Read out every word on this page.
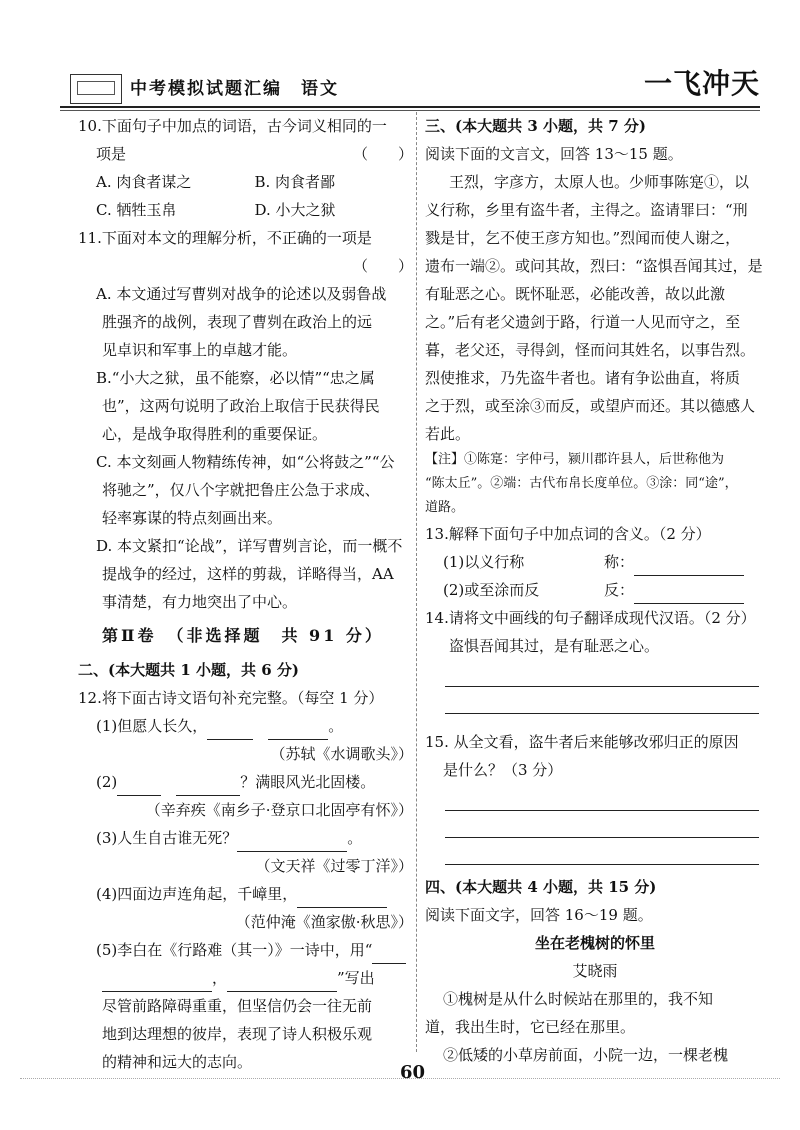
中考模拟试题汇编　语文	一飞冲天
10.下面句子中加点的词语，古今词义相同的一
项是	（　　）
A. 肉食者谋之	B. 肉食者鄙
C. 牺牲玉帛	D. 小大之狱
11.下面对本文的理解分析，不正确的一项是
（　　）
A. 本文通过写曹刿对战争的论述以及弱鲁战
胜强齐的战例，表现了曹刿在政治上的远
见卓识和军事上的卓越才能。
B.“小大之狱，虽不能察，必以情”“忠之属
也”，这两句说明了政治上取信于民获得民
心，是战争取得胜利的重要保证。
C. 本文刻画人物精练传神，如“公将鼓之”“公
将驰之”，仅八个字就把鲁庄公急于求成、
轻率寡谋的特点刻画出来。
D. 本文紧扣“论战”，详写曹刿言论，而一概不
提战争的经过，这样的剪裁，详略得当，AA
事清楚，有力地突出了中心。
第Ⅱ卷　（非选择题　共 91 分）
二、(本大题共 1 小题，共 6 分)
12.将下面古诗文语句补充完整。（每空 1 分）
(1)但愿人长久，　	。
（苏轼《水调歌头》）
(2)　	？满眼风光北固楼。
（辛弃疾《南乡子·登京口北固亭有怀》）
(3)人生自古谁无死？	。
（文天祥《过零丁洋》）
(4)四面边声连角起，千嶂里，
（范仲淹《渔家傲·秋思》）
(5)李白在《行路难（其一）》一诗中，用“
，	”写出
尽管前路障碍重重，但坚信仍会一往无前
地到达理想的彼岸，表现了诗人积极乐观
的精神和远大的志向。
三、(本大题共 3 小题，共 7 分)
阅读下面的文言文，回答 13～15 题。
王烈，字彦方，太原人也。少师事陈寔①，以
义行称，乡里有盗牛者，主得之。盗请罪曰：“刑
戮是甘，乞不使王彦方知也。”烈闻而使人谢之，
遗布一端②。或问其故，烈曰：“盗惧吾闻其过，是
有耻恶之心。既怀耻恶，必能改善，故以此激
之。”后有老父遗剑于路，行道一人见而守之，至
暮，老父还，寻得剑，怪而问其姓名，以事告烈。
烈使推求，乃先盗牛者也。诸有争讼曲直，将质
之于烈，或至涂③而反，或望庐而还。其以德感人
若此。
【注】①陈寔：字仲弓，颍川郡许县人，后世称他为
“陈太丘”。②端：古代布帛长度单位。③涂：同“途”，
道路。
13.解释下面句子中加点词的含义。（2 分）
(1)以义行称	称：
(2)或至涂而反	反：
14.请将文中画线的句子翻译成现代汉语。（2 分）
盗惧吾闻其过，是有耻恶之心。
15. 从全文看，盗牛者后来能够改邪归正的原因
是什么？（3 分）
四、(本大题共 4 小题，共 15 分)
阅读下面文字，回答 16～19 题。
坐在老槐树的怀里
艾晓雨
①槐树是从什么时候站在那里的，我不知
道，我出生时，它已经在那里。
②低矮的小草房前面，小院一边，一棵老槐
60
